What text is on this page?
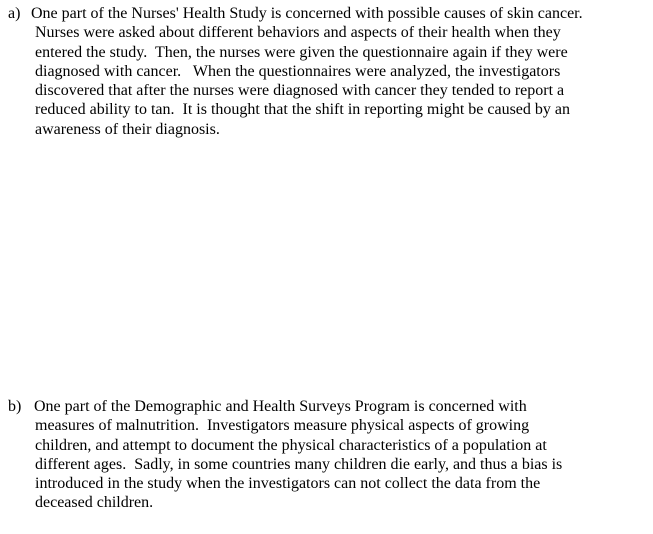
a) One part of the Nurses' Health Study is concerned with possible causes of skin cancer.
Nurses were asked about different behaviors and aspects of their health when they
entered the study.  Then, the nurses were given the questionnaire again if they were
diagnosed with cancer.   When the questionnaires were analyzed, the investigators
discovered that after the nurses were diagnosed with cancer they tended to report a
reduced ability to tan.  It is thought that the shift in reporting might be caused by an
awareness of their diagnosis.
b) One part of the Demographic and Health Surveys Program is concerned with
measures of malnutrition.  Investigators measure physical aspects of growing
children, and attempt to document the physical characteristics of a population at
different ages.  Sadly, in some countries many children die early, and thus a bias is
introduced in the study when the investigators can not collect the data from the
deceased children.
